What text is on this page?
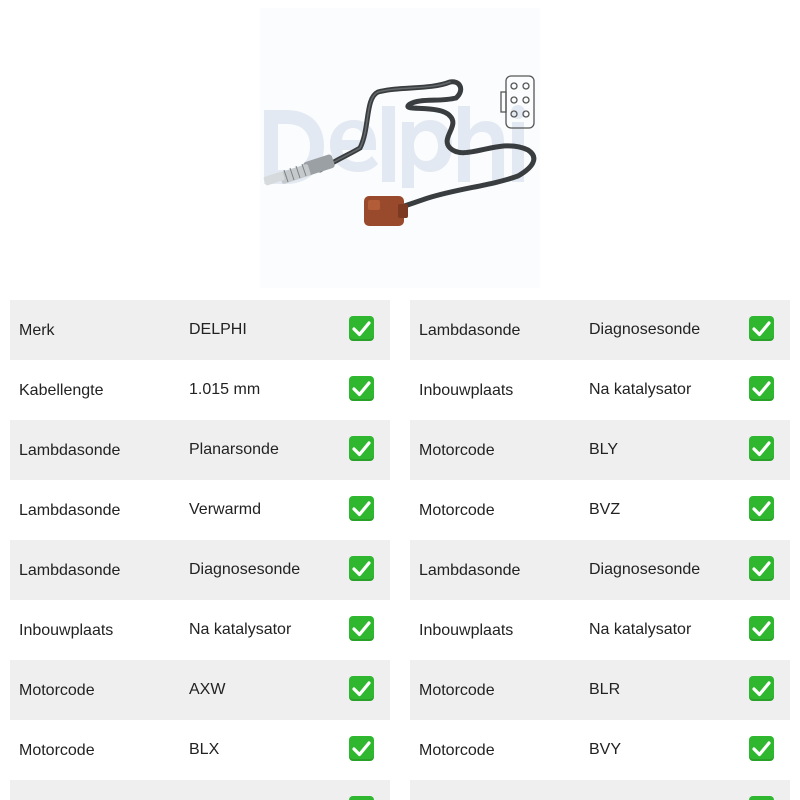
Merk	DELPHI
Kabellengte	1.015 mm
Lambdasonde	Planarsonde
Lambdasonde	Verwarmd
Lambdasonde	Diagnosesonde
Inbouwplaats	Na katalysator
Motorcode	AXW
Motorcode	BLX
Lambdasonde	Diagnosesonde
Inbouwplaats	Na katalysator
Motorcode	BLY
Motorcode	BVZ
Lambdasonde	Diagnosesonde
Inbouwplaats	Na katalysator
Motorcode	BLR
Motorcode	BVY
